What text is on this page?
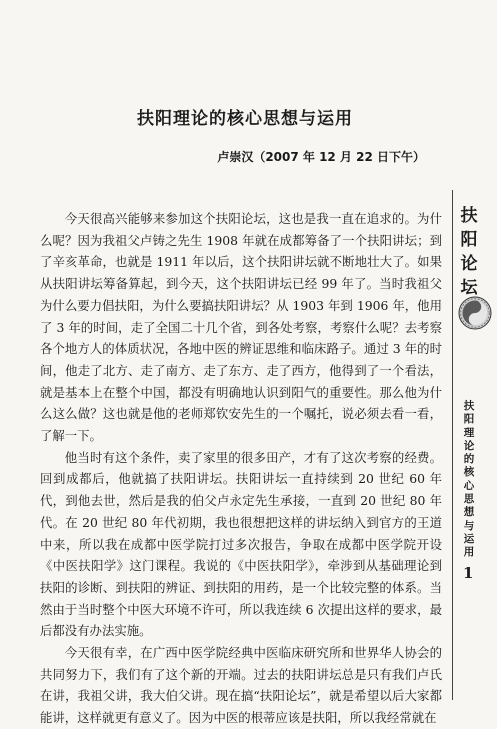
扶阳理论的核心思想与运用
卢崇汉（2007 年 12 月 22 日下午）

今天很高兴能够来参加这个扶阳论坛，这也是我一直在追求的。为什么呢？因为我祖父卢铸之先生 1908 年就在成都筹备了一个扶阳讲坛；到了辛亥革命，也就是 1911 年以后，这个扶阳讲坛就不断地壮大了。如果从扶阳讲坛筹备算起，到今天，这个扶阳讲坛已经 99 年了。当时我祖父为什么要力倡扶阳，为什么要搞扶阳讲坛？从 1903 年到 1906 年，他用了 3 年的时间，走了全国二十几个省，到各处考察，考察什么呢？去考察各个地方人的体质状况，各地中医的辨证思维和临床路子。通过 3 年的时间，他走了北方、走了南方、走了东方、走了西方，他得到了一个看法，就是基本上在整个中国，都没有明确地认识到阳气的重要性。那么他为什么这么做？这也就是他的老师郑钦安先生的一个嘱托，说必须去看一看，了解一下。

他当时有这个条件，卖了家里的很多田产，才有了这次考察的经费。回到成都后，他就搞了扶阳讲坛。扶阳讲坛一直持续到 20 世纪 60 年代，到他去世，然后是我的伯父卢永定先生承接，一直到 20 世纪 80 年代。在 20 世纪 80 年代初期，我也很想把这样的讲坛纳入到官方的王道中来，所以我在成都中医学院打过多次报告，争取在成都中医学院开设《中医扶阳学》这门课程。我说的《中医扶阳学》，牵涉到从基础理论到扶阳的诊断、到扶阳的辨证、到扶阳的用药，是一个比较完整的体系。当然由于当时整个中医大环境不许可，所以我连续 6 次提出这样的要求，最后都没有办法实施。

今天很有幸，在广西中医学院经典中医临床研究所和世界华人协会的共同努力下，我们有了这个新的开端。过去的扶阳讲坛总是只有我们卢氏在讲，我祖父讲，我大伯父讲。现在搞“扶阳论坛”，就是希望以后大家都能讲，这样就更有意义了。因为中医的根蒂应该是扶阳，所以我经常就在

扶
阳
论
坛
扶
阳
理
论
的
核
心
思
想
与
运
用
1
